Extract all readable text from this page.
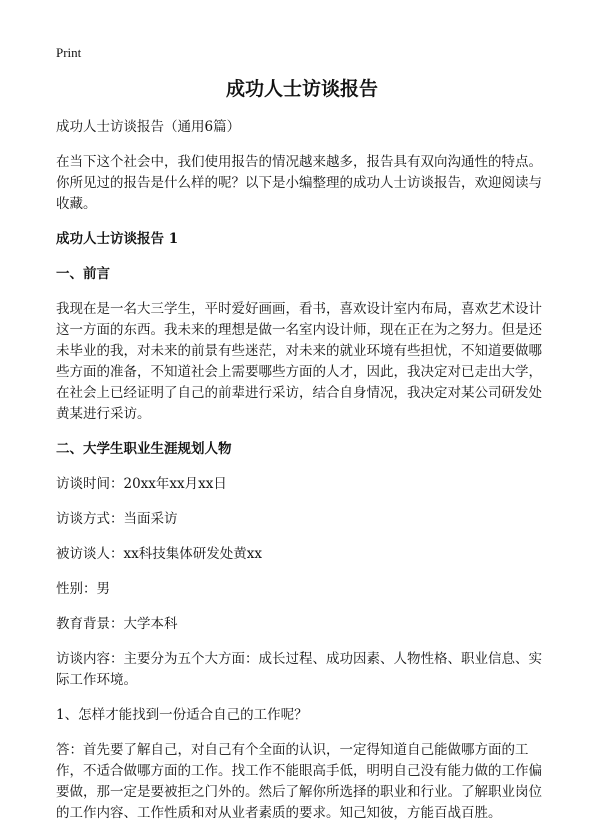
Print
成功人士访谈报告
成功人士访谈报告（通用6篇）
在当下这个社会中，我们使用报告的情况越来越多，报告具有双向沟通性的特点。你所见过的报告是什么样的呢？以下是小编整理的成功人士访谈报告，欢迎阅读与收藏。
成功人士访谈报告 1
一、前言
我现在是一名大三学生，平时爱好画画，看书，喜欢设计室内布局，喜欢艺术设计这一方面的东西。我未来的理想是做一名室内设计师，现在正在为之努力。但是还未毕业的我，对未来的前景有些迷茫，对未来的就业环境有些担忧，不知道要做哪些方面的准备，不知道社会上需要哪些方面的人才，因此，我决定对已走出大学，在社会上已经证明了自己的前辈进行采访，结合自身情况，我决定对某公司研发处黄某进行采访。
二、大学生职业生涯规划人物
访谈时间：20xx年xx月xx日
访谈方式：当面采访
被访谈人：xx科技集体研发处黄xx
性别：男
教育背景：大学本科
访谈内容：主要分为五个大方面：成长过程、成功因素、人物性格、职业信息、实际工作环境。
1、怎样才能找到一份适合自己的工作呢？
答：首先要了解自己，对自己有个全面的认识，一定得知道自己能做哪方面的工作，不适合做哪方面的工作。找工作不能眼高手低，明明自己没有能力做的工作偏要做，那一定是要被拒之门外的。然后了解你所选择的职业和行业。了解职业岗位的工作内容、工作性质和对从业者素质的要求。知己知彼，方能百战百胜。
